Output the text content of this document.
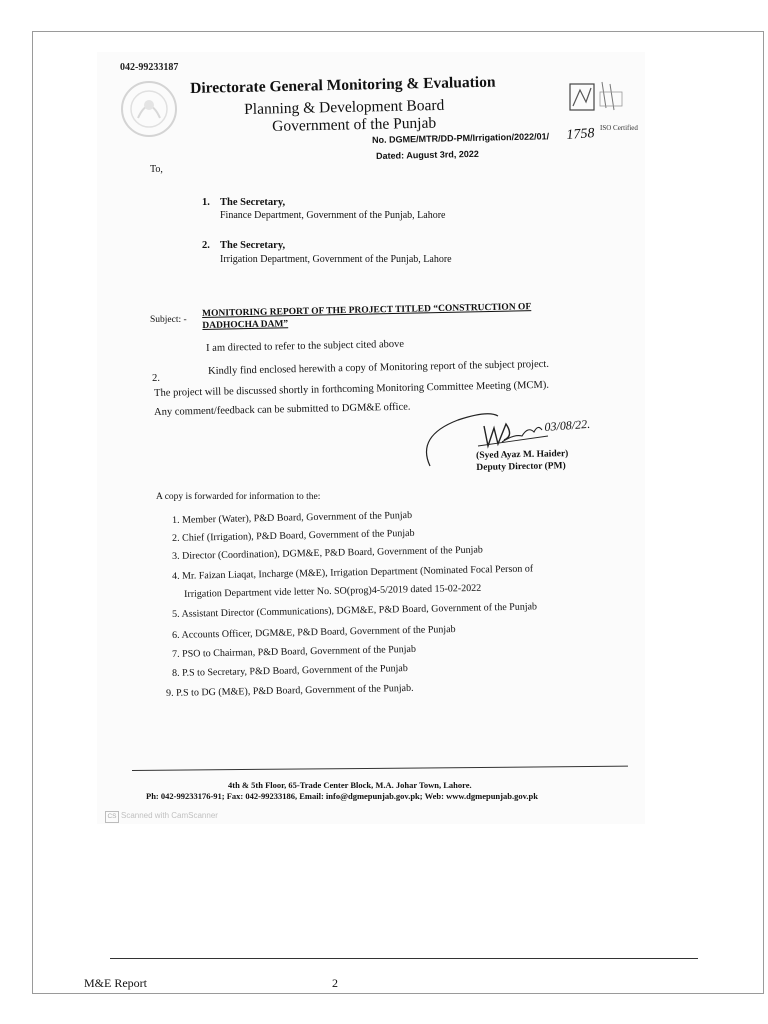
042-99233187
Directorate General Monitoring & Evaluation
Planning & Development Board
Government of the Punjab	ISO Certified
No. DGME/MTR/DD-PM/Irrigation/2022/01/ 1758
Dated: August 3rd, 2022
To,
1. The Secretary,
Finance Department, Government of the Punjab, Lahore
2. The Secretary,
Irrigation Department, Government of the Punjab, Lahore
Subject: -
MONITORING REPORT OF THE PROJECT TITLED “CONSTRUCTION OF
DADHOCHA DAM”
I am directed to refer to the subject cited above
2.
Kindly find enclosed herewith a copy of Monitoring report of the subject project.
The project will be discussed shortly in forthcoming Monitoring Committee Meeting (MCM).
Any comment/feedback can be submitted to DGM&E office.
03/08/22.
(Syed Ayaz M. Haider)
Deputy Director (PM)
A copy is forwarded for information to the:
1. Member (Water), P&D Board, Government of the Punjab
2. Chief (Irrigation), P&D Board, Government of the Punjab
3. Director (Coordination), DGM&E, P&D Board, Government of the Punjab
4. Mr. Faizan Liaqat, Incharge (M&E), Irrigation Department (Nominated Focal Person of
Irrigation Department vide letter No. SO(prog)4-5/2019 dated 15-02-2022
5. Assistant Director (Communications), DGM&E, P&D Board, Government of the Punjab
6. Accounts Officer, DGM&E, P&D Board, Government of the Punjab
7. PSO to Chairman, P&D Board, Government of the Punjab
8. P.S to Secretary, P&D Board, Government of the Punjab
9. P.S to DG (M&E), P&D Board, Government of the Punjab.
4th & 5th Floor, 65-Trade Center Block, M.A. Johar Town, Lahore.
Ph: 042-99233176-91; Fax: 042-99233186, Email: info@dgmepunjab.gov.pk; Web: www.dgmepunjab.gov.pk
CS Scanned with CamScanner
M&E Report	2
